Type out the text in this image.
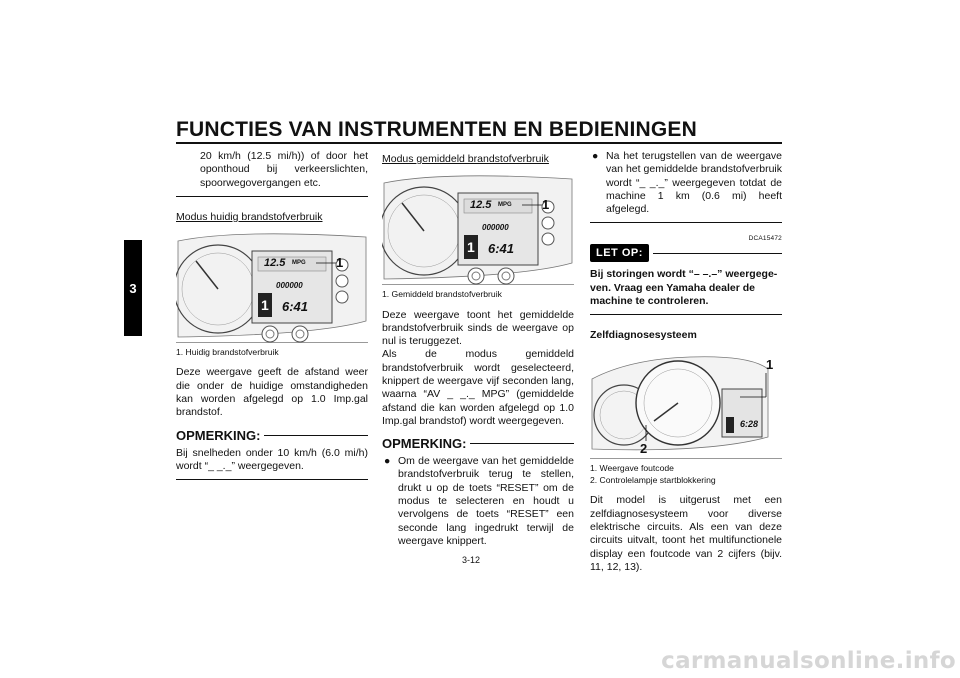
FUNCTIES VAN INSTRUMENTEN EN BEDIENINGEN
3
20 km/h (12.5 mi/h)) of door het oponthoud bij verkeerslichten, spoorwegovergangen etc.
Modus huidig brandstofverbruik
12.5 MPG
000000
1 6:41
1
1. Huidig brandstofverbruik
Deze weergave geeft de afstand weer die onder de huidige omstandigheden kan worden afgelegd op 1.0 Imp.gal brandstof.
OPMERKING:
Bij snelheden onder 10 km/h (6.0 mi/h) wordt “_ _._” weergegeven.
Modus gemiddeld brandstofverbruik
12.5 MPG
000000
1 6:41
1
1. Gemiddeld brandstofverbruik
Deze weergave toont het gemiddelde brandstofverbruik sinds de weergave op nul is teruggezet.
Als de modus gemiddeld brandstofverbruik wordt geselecteerd, knippert de weergave vijf seconden lang, waarna “AV _ _._ MPG” (gemiddelde afstand die kan worden afgelegd op 1.0 Imp.gal brandstof) wordt weergegeven.
OPMERKING:
● Om de weergave van het gemiddelde brandstofverbruik terug te stellen, drukt u op de toets “RESET” om de modus te selecteren en houdt u vervolgens de toets “RESET” een seconde lang ingedrukt terwijl de weergave knippert.
● Na het terugstellen van de weergave van het gemiddelde brandstofverbruik wordt “_ _._” weergegeven totdat de machine 1 km (0.6 mi) heeft afgelegd.
DCA15472
LET OP:
Bij storingen wordt “– –.–” weergegeven. Vraag een Yamaha dealer de machine te controleren.
Zelfdiagnosesysteem
1
2
6:28
1. Weergave foutcode
2. Controlelampje startblokkering
Dit model is uitgerust met een zelfdiagnosesysteem voor diverse elektrische circuits. Als een van deze circuits uitvalt, toont het multifunctionele display een foutcode van 2 cijfers (bijv. 11, 12, 13).
3-12
carmanualsonline.info
